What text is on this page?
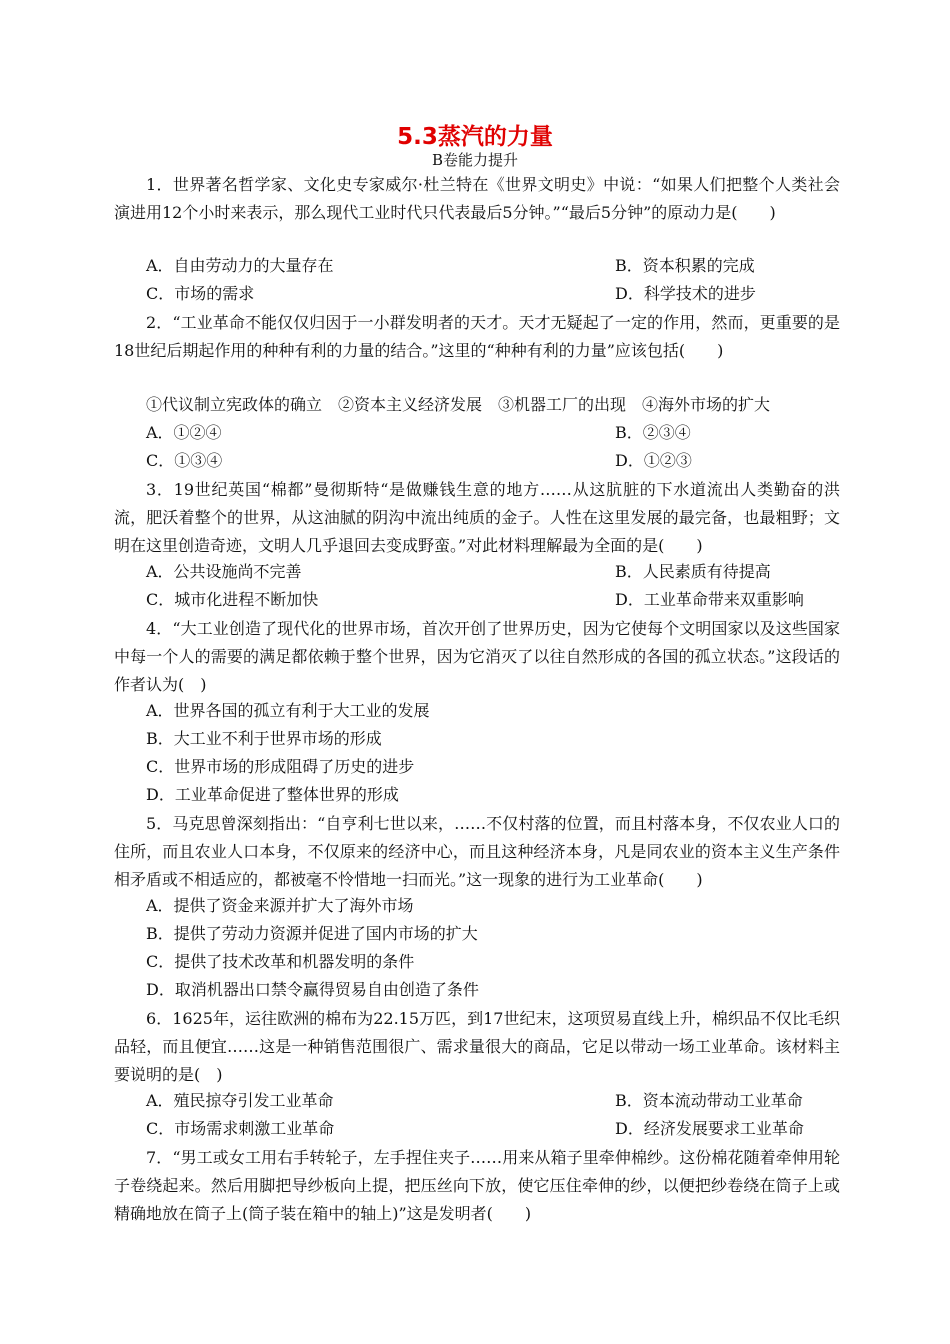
5.3蒸汽的力量
B卷能力提升

1．世界著名哲学家、文化史专家威尔·杜兰特在《世界文明史》中说：“如果人们把整个人类社会演进用12个小时来表示，那么现代工业时代只代表最后5分钟。”“最后5分钟”的原动力是(　　)

A．自由劳动力的大量存在	B．资本积累的完成
C．市场的需求	D．科学技术的进步

2．“工业革命不能仅仅归因于一小群发明者的天才。天才无疑起了一定的作用，然而，更重要的是18世纪后期起作用的种种有利的力量的结合。”这里的“种种有利的力量”应该包括(　　)

①代议制立宪政体的确立　②资本主义经济发展　③机器工厂的出现　④海外市场的扩大
A．①②④	B．②③④
C．①③④	D．①②③

3．19世纪英国“棉都”曼彻斯特“是做赚钱生意的地方……从这肮脏的下水道流出人类勤奋的洪流，肥沃着整个的世界，从这油腻的阴沟中流出纯质的金子。人性在这里发展的最完备，也最粗野；文明在这里创造奇迹，文明人几乎退回去变成野蛮。”对此材料理解最为全面的是(　　)

A．公共设施尚不完善	B．人民素质有待提高
C．城市化进程不断加快	D．工业革命带来双重影响

4．“大工业创造了现代化的世界市场，首次开创了世界历史，因为它使每个文明国家以及这些国家中每一个人的需要的满足都依赖于整个世界，因为它消灭了以往自然形成的各国的孤立状态。”这段话的作者认为(　)

A．世界各国的孤立有利于大工业的发展
B．大工业不利于世界市场的形成
C．世界市场的形成阻碍了历史的进步
D．工业革命促进了整体世界的形成

5．马克思曾深刻指出：“自亨利七世以来，……不仅村落的位置，而且村落本身，不仅农业人口的住所，而且农业人口本身，不仅原来的经济中心，而且这种经济本身，凡是同农业的资本主义生产条件相矛盾或不相适应的，都被毫不怜惜地一扫而光。”这一现象的进行为工业革命(　　)

A．提供了资金来源并扩大了海外市场
B．提供了劳动力资源并促进了国内市场的扩大
C．提供了技术改革和机器发明的条件
D．取消机器出口禁令赢得贸易自由创造了条件

6．1625年，运往欧洲的棉布为22.15万匹，到17世纪末，这项贸易直线上升，棉织品不仅比毛织品轻，而且便宜……这是一种销售范围很广、需求量很大的商品，它足以带动一场工业革命。该材料主要说明的是(　)

A．殖民掠夺引发工业革命	B．资本流动带动工业革命
C．市场需求刺激工业革命	D．经济发展要求工业革命

7．“男工或女工用右手转轮子，左手捏住夹子……用来从箱子里牵伸棉纱。这份棉花随着牵伸用轮子卷绕起来。然后用脚把导纱板向上提，把压丝向下放，使它压住牵伸的纱，以便把纱卷绕在筒子上或精确地放在筒子上(筒子装在箱中的轴上)”这是发明者(　　)
